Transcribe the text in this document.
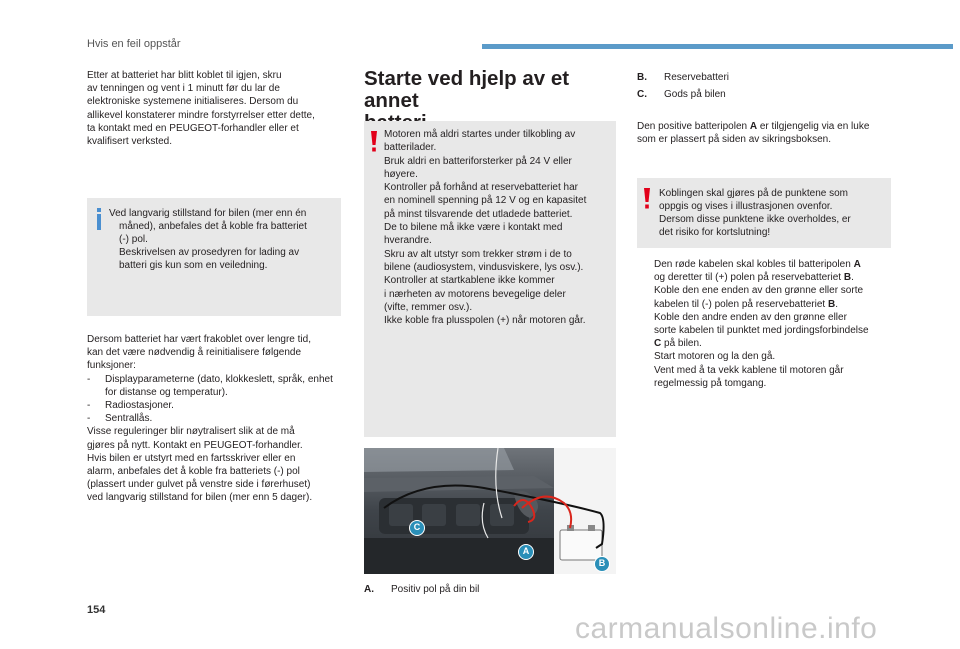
Hvis en feil oppstår

Etter at batteriet har blitt koblet til igjen, skru

av tenningen og vent i 1 minutt før du lar de

elektroniske systemene initialiseres. Dersom du

allikevel konstaterer mindre forstyrrelser etter dette,

ta kontakt med en PEUGEOT-forhandler eller et

kvalifisert verksted.

Ved langvarig stillstand for bilen (mer enn én

måned), anbefales det å koble fra batteriet

(-) pol.

Beskrivelsen av prosedyren for lading av

batteri gis kun som en veiledning.

Dersom batteriet har vært frakoblet over lengre tid,

kan det være nødvendig å reinitialisere følgende

funksjoner:

- Displayparameterne (dato, klokkeslett, språk, enhet for distanse og temperatur).
- Radiostasjoner.
- Sentrallås.

Visse reguleringer blir nøytralisert slik at de må

gjøres på nytt. Kontakt en PEUGEOT-forhandler.

Hvis bilen er utstyrt med en fartsskriver eller en

alarm, anbefales det å koble fra batteriets (-) pol

(plassert under gulvet på venstre side i førerhuset)

ved langvarig stillstand for bilen (mer enn 5 dager).

Starte ved hjelp av et annet

Motoren må aldri startes under tilkobling av

batterilader.

Bruk aldri en batteriforsterker på 24 V eller

høyere.

Kontroller på forhånd at reservebatteriet har

en nominell spenning på 12 V og en kapasitet

på minst tilsvarende det utladede batteriet.

De to bilene må ikke være i kontakt med

hverandre.

Skru av alt utstyr som trekker strøm i de to

bilene (audiosystem, vindusviskere, lys osv.).

Kontroller at startkablene ikke kommer

i nærheten av motorens bevegelige deler

(vifte, remmer osv.).

Ikke koble fra plusspolen (+) når motoren går.

C
A
B
A. Positiv pol på din bil
B. Reservebatteri
C. Gods på bilen

Den positive batteripolen A er tilgjengelig via en luke

som er plassert på siden av sikringsboksen.

Koblingen skal gjøres på de punktene som

oppgis og vises i illustrasjonen ovenfor.

Dersom disse punktene ikke overholdes, er

det risiko for kortslutning!

Den røde kabelen skal kobles til batteripolen A

og deretter til (+) polen på reservebatteriet B.

Koble den ene enden av den grønne eller sorte

kabelen til (-) polen på reservebatteriet B.

Koble den andre enden av den grønne eller

sorte kabelen til punktet med jordingsforbindelse

C på bilen.

Start motoren og la den gå.

Vent med å ta vekk kablene til motoren går

regelmessig på tomgang.

154
carmanualsonline.info
